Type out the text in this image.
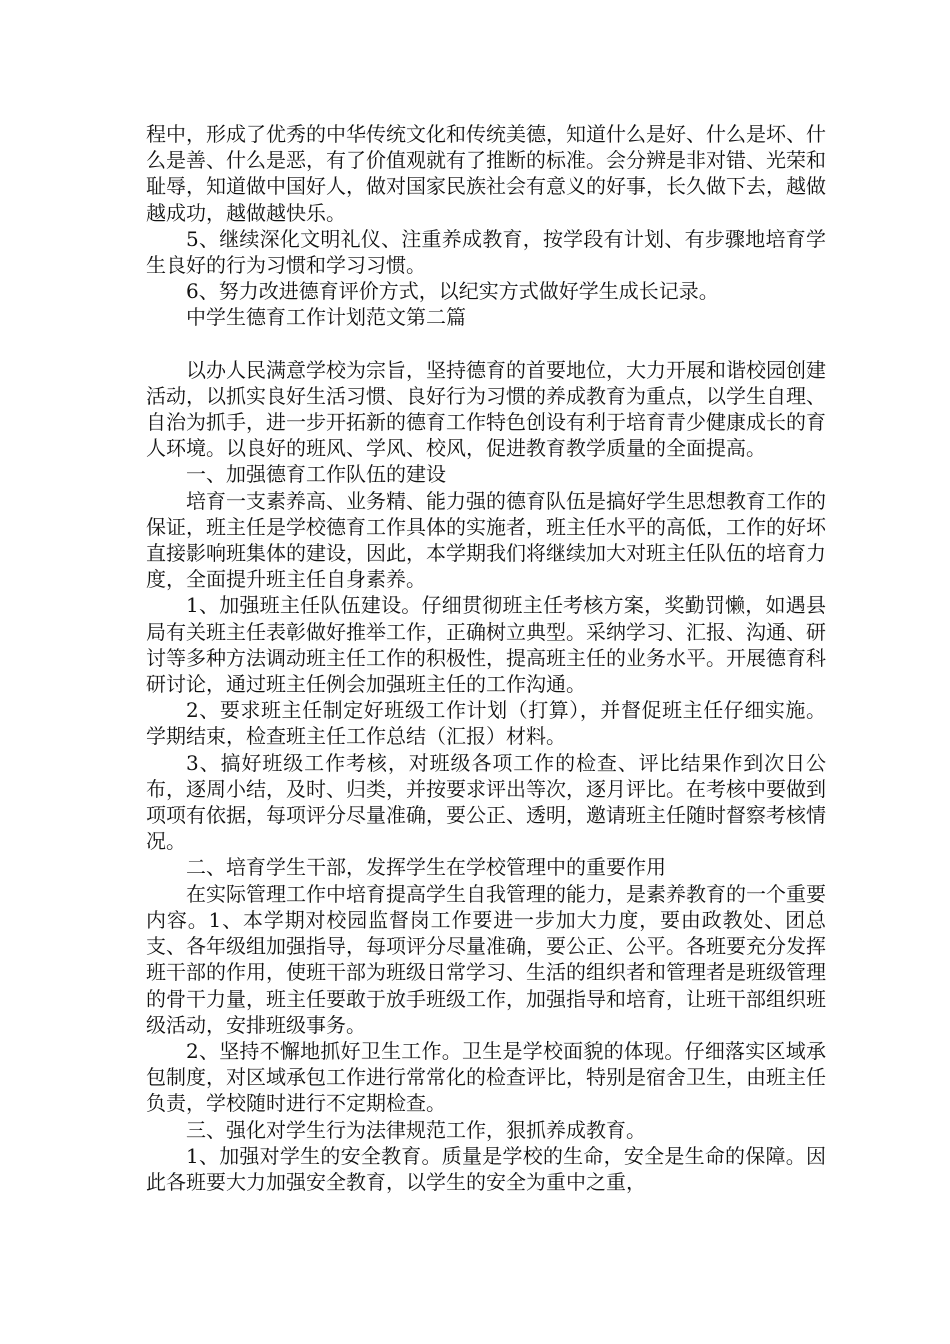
程中，形成了优秀的中华传统文化和传统美德，知道什么是好、什么是坏、什么是善、什么是恶，有了价值观就有了推断的标准。会分辨是非对错、光荣和耻辱，知道做中国好人，做对国家民族社会有意义的好事，长久做下去，越做越成功，越做越快乐。

5、继续深化文明礼仪、注重养成教育，按学段有计划、有步骤地培育学生良好的行为习惯和学习习惯。

6、努力改进德育评价方式，以纪实方式做好学生成长记录。

中学生德育工作计划范文第二篇

以办人民满意学校为宗旨，坚持德育的首要地位，大力开展和谐校园创建活动，以抓实良好生活习惯、良好行为习惯的养成教育为重点，以学生自理、自治为抓手，进一步开拓新的德育工作特色创设有利于培育青少健康成长的育人环境。以良好的班风、学风、校风，促进教育教学质量的全面提高。

一、加强德育工作队伍的建设

培育一支素养高、业务精、能力强的德育队伍是搞好学生思想教育工作的保证，班主任是学校德育工作具体的实施者，班主任水平的高低，工作的好坏直接影响班集体的建设，因此，本学期我们将继续加大对班主任队伍的培育力度，全面提升班主任自身素养。

1、加强班主任队伍建设。仔细贯彻班主任考核方案，奖勤罚懒，如遇县局有关班主任表彰做好推举工作，正确树立典型。采纳学习、汇报、沟通、研讨等多种方法调动班主任工作的积极性，提高班主任的业务水平。开展德育科研讨论，通过班主任例会加强班主任的工作沟通。

2、要求班主任制定好班级工作计划（打算），并督促班主任仔细实施。学期结束，检查班主任工作总结（汇报）材料。

3、搞好班级工作考核，对班级各项工作的检查、评比结果作到次日公布，逐周小结，及时、归类，并按要求评出等次，逐月评比。在考核中要做到项项有依据，每项评分尽量准确，要公正、透明，邀请班主任随时督察考核情况。

二、培育学生干部，发挥学生在学校管理中的重要作用

在实际管理工作中培育提高学生自我管理的能力，是素养教育的一个重要内容。1、本学期对校园监督岗工作要进一步加大力度，要由政教处、团总支、各年级组加强指导，每项评分尽量准确，要公正、公平。各班要充分发挥班干部的作用，使班干部为班级日常学习、生活的组织者和管理者是班级管理的骨干力量，班主任要敢于放手班级工作，加强指导和培育，让班干部组织班级活动，安排班级事务。

2、坚持不懈地抓好卫生工作。卫生是学校面貌的体现。仔细落实区域承包制度，对区域承包工作进行常常化的检查评比，特别是宿舍卫生，由班主任负责，学校随时进行不定期检查。

三、强化对学生行为法律规范工作，狠抓养成教育。

1、加强对学生的安全教育。质量是学校的生命，安全是生命的保障。因此各班要大力加强安全教育，以学生的安全为重中之重，
